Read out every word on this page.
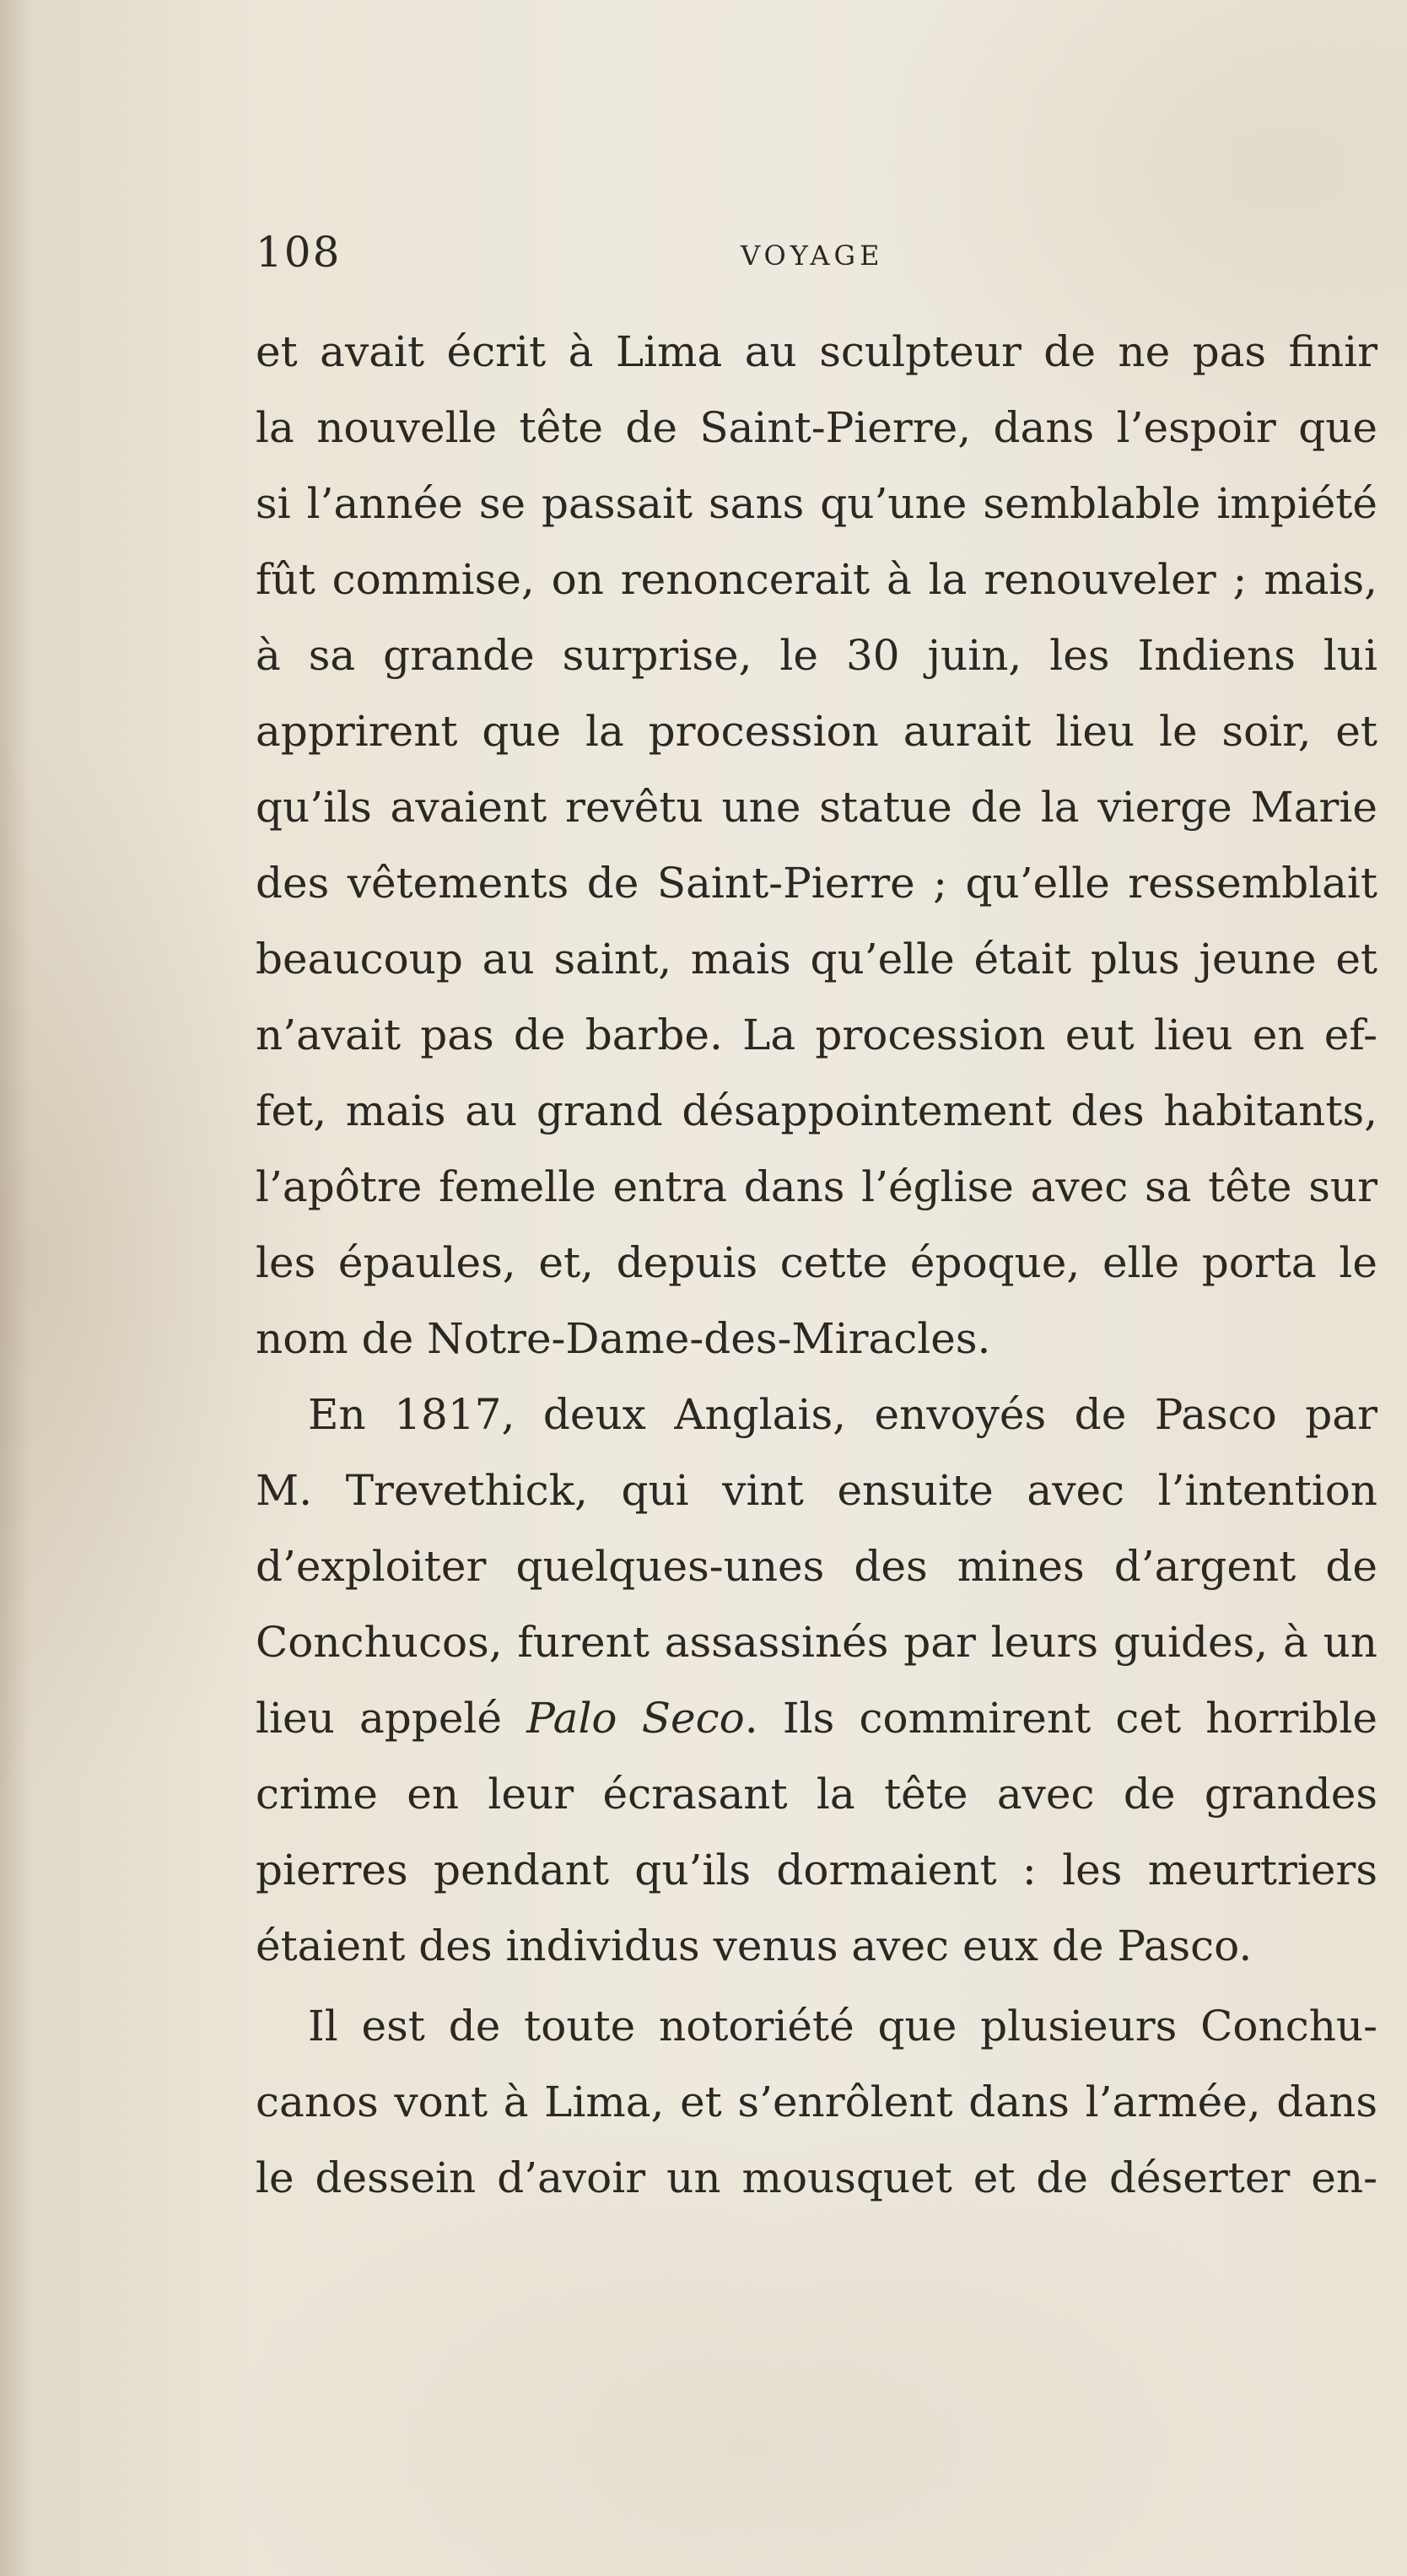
108	VOYAGE
et avait écrit à Lima au sculpteur de ne pas finir
la nouvelle tête de Saint-Pierre, dans l’espoir que
si l’année se passait sans qu’une semblable impiété
fût commise, on renoncerait à la renouveler ; mais,
à sa grande surprise, le 30 juin, les Indiens lui
apprirent que la procession aurait lieu le soir, et
qu’ils avaient revêtu une statue de la vierge Marie
des vêtements de Saint-Pierre ; qu’elle ressemblait
beaucoup au saint, mais qu’elle était plus jeune et
n’avait pas de barbe. La procession eut lieu en ef-
fet, mais au grand désappointement des habitants,
l’apôtre femelle entra dans l’église avec sa tête sur
les épaules, et, depuis cette époque, elle porta le
nom de Notre-Dame-des-Miracles.
En 1817, deux Anglais, envoyés de Pasco par
M. Trevethick, qui vint ensuite avec l’intention
d’exploiter quelques-unes des mines d’argent de
Conchucos, furent assassinés par leurs guides, à un
lieu appelé Palo Seco. Ils commirent cet horrible
crime en leur écrasant la tête avec de grandes
pierres pendant qu’ils dormaient : les meurtriers
étaient des individus venus avec eux de Pasco.
Il est de toute notoriété que plusieurs Conchu-
canos vont à Lima, et s’enrôlent dans l’armée, dans
le dessein d’avoir un mousquet et de déserter en-
